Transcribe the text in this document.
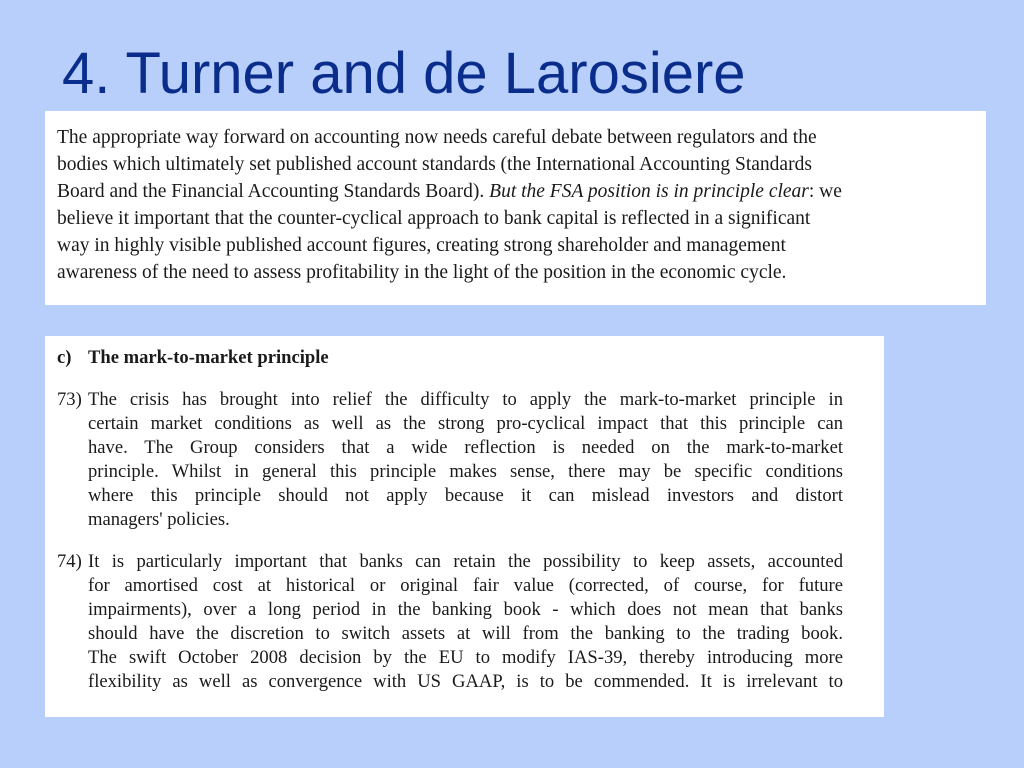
4. Turner and de Larosiere

The appropriate way forward on accounting now needs careful debate between regulators and the
bodies which ultimately set published account standards (the International Accounting Standards
Board and the Financial Accounting Standards Board). But the FSA position is in principle clear: we
believe it important that the counter-cyclical approach to bank capital is reflected in a significant
way in highly visible published account figures, creating strong shareholder and management
awareness of the need to assess profitability in the light of the position in the economic cycle.

c) The mark-to-market principle
73) The crisis has brought into relief the difficulty to apply the mark-to-market principle in
certain market conditions as well as the strong pro-cyclical impact that this principle can
have. The Group considers that a wide reflection is needed on the mark-to-market
principle. Whilst in general this principle makes sense, there may be specific conditions
where this principle should not apply because it can mislead investors and distort
managers' policies.
74) It is particularly important that banks can retain the possibility to keep assets, accounted
for amortised cost at historical or original fair value (corrected, of course, for future
impairments), over a long period in the banking book - which does not mean that banks
should have the discretion to switch assets at will from the banking to the trading book.
The swift October 2008 decision by the EU to modify IAS-39, thereby introducing more
flexibility as well as convergence with US GAAP, is to be commended. It is irrelevant to
